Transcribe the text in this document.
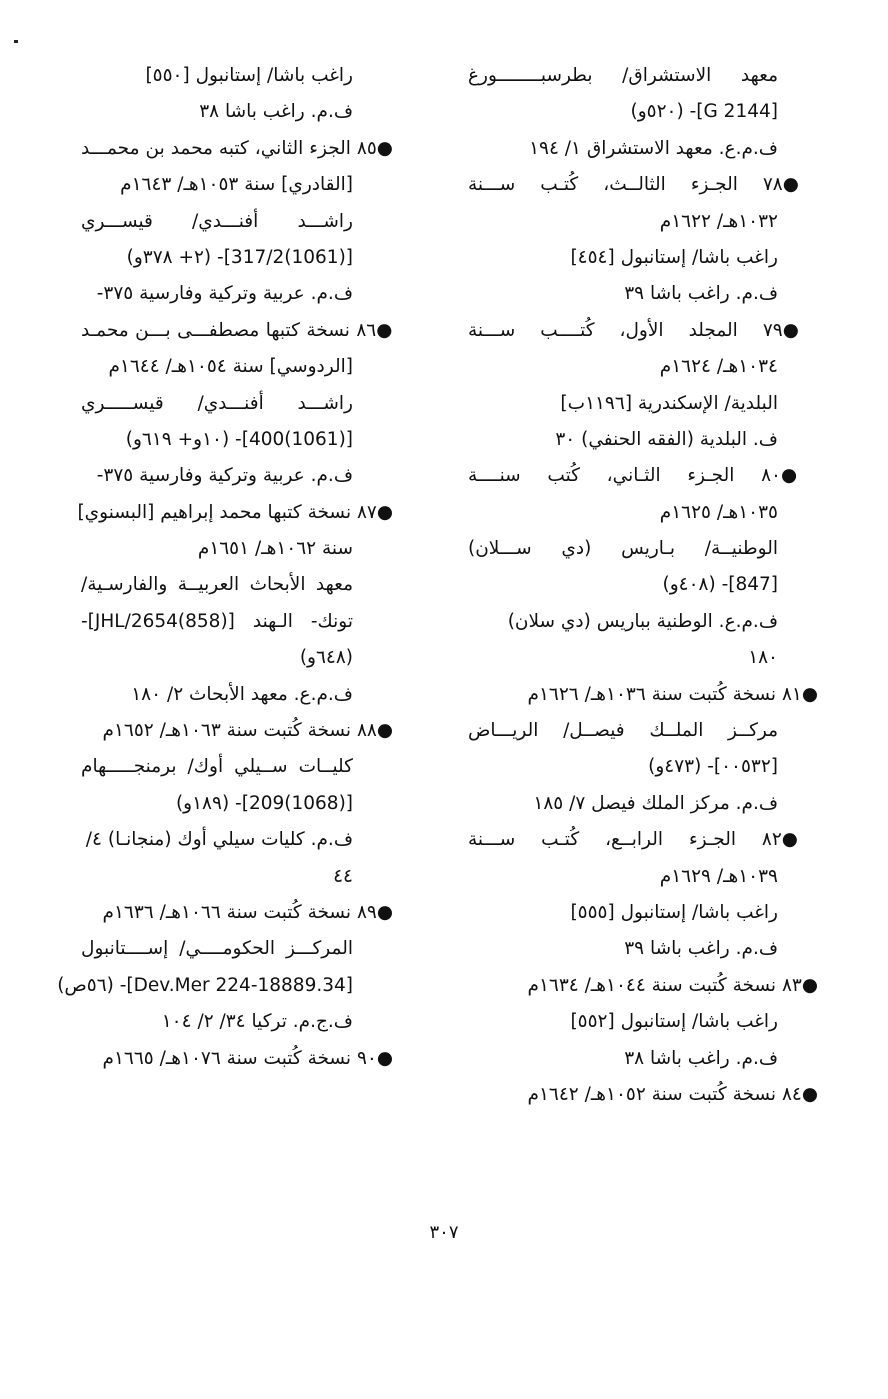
معهد الاستشراق/ بطرسبــــــــورغ
[G 2144]- (٥٢٠و)
ف.م.ع. معهد الاستشراق ١/ ١٩٤
●٧٨ الجـزء الثالــث، كُتـب ســـنة
١٠٣٢هـ/ ١٦٢٢م
راغب باشا/ إستانبول [٤٥٤]
ف.م. راغب باشا ٣٩
●٧٩ المجلد الأول، كُتــــب ســـنة
١٠٣٤هـ/ ١٦٢٤م
البلدية/ الإسكندرية [١١٩٦ب]
ف. البلدية (الفقه الحنفي) ٣٠
●٨٠ الجـزء الثـاني، كُتب سنــــة
١٠٣٥هـ/ ١٦٢٥م
الوطنيــة/ بـاريس (دي ســـلان)
[847]- (٤٠٨و)
ف.م.ع. الوطنية بباريس (دي سلان)
١٨٠
●٨١ نسخة كُتبت سنة ١٠٣٦هـ/ ١٦٢٦م
مركــز الملــك فيصــل/ الريـــاض
[٠٠٥٣٢]- (٤٧٣و)
ف.م. مركز الملك فيصل ٧/ ١٨٥
●٨٢ الجـزء الرابــع، كُتـب ســـنة
١٠٣٩هـ/ ١٦٢٩م
راغب باشا/ إستانبول [٥٥٥]
ف.م. راغب باشا ٣٩
●٨٣ نسخة كُتبت سنة ١٠٤٤هـ/ ١٦٣٤م
راغب باشا/ إستانبول [٥٥٢]
ف.م. راغب باشا ٣٨
●٨٤ نسخة كُتبت سنة ١٠٥٢هـ/ ١٦٤٢م
راغب باشا/ إستانبول [٥٥٠]
ف.م. راغب باشا ٣٨
●٨٥ الجزء الثاني، كتبه محمد بن محمـــد
[القادري] سنة ١٠٥٣هـ/ ١٦٤٣م
راشـــد أفنـــدي/ قيســـري
[(1061)317/2]- (٢+ ٣٧٨و)
ف.م. عربية وتركية وفارسية ٣٧٥-
●٨٦ نسخة كتبها مصطفـــى بـــن محمـد
[الردوسي] سنة ١٠٥٤هـ/ ١٦٤٤م
راشـــد أفنـــدي/ قيســـــري
[(1061)400]- (١٠و+ ٦١٩و)
ف.م. عربية وتركية وفارسية ٣٧٥-
●٨٧ نسخة كتبها محمد إبراهيم [البسنوي]
سنة ١٠٦٢هـ/ ١٦٥١م
معهد الأبحاث العربيــة والفارسـية/
تونك- الـهند [(858)JHL/2654]-
(٦٤٨و)
ف.م.ع. معهد الأبحاث ٢/ ١٨٠
●٨٨ نسخة كُتبت سنة ١٠٦٣هـ/ ١٦٥٢م
كليــات ســيلي أوك/ برمنجـــــهام
[(1068)209]- (١٨٩و)
ف.م. كليات سيلي أوك (منجانـا) ٤/
٤٤
●٨٩ نسخة كُتبت سنة ١٠٦٦هـ/ ١٦٣٦م
المركـــز الحكومــــي/ إســــتانبول
[34.Dev.Mer 224-18889]- (٥٦ص)
ف.ج.م. تركيا ٣٤/ ٢/ ١٠٤
●٩٠ نسخة كُتبت سنة ١٠٧٦هـ/ ١٦٦٥م
٣٠٧
